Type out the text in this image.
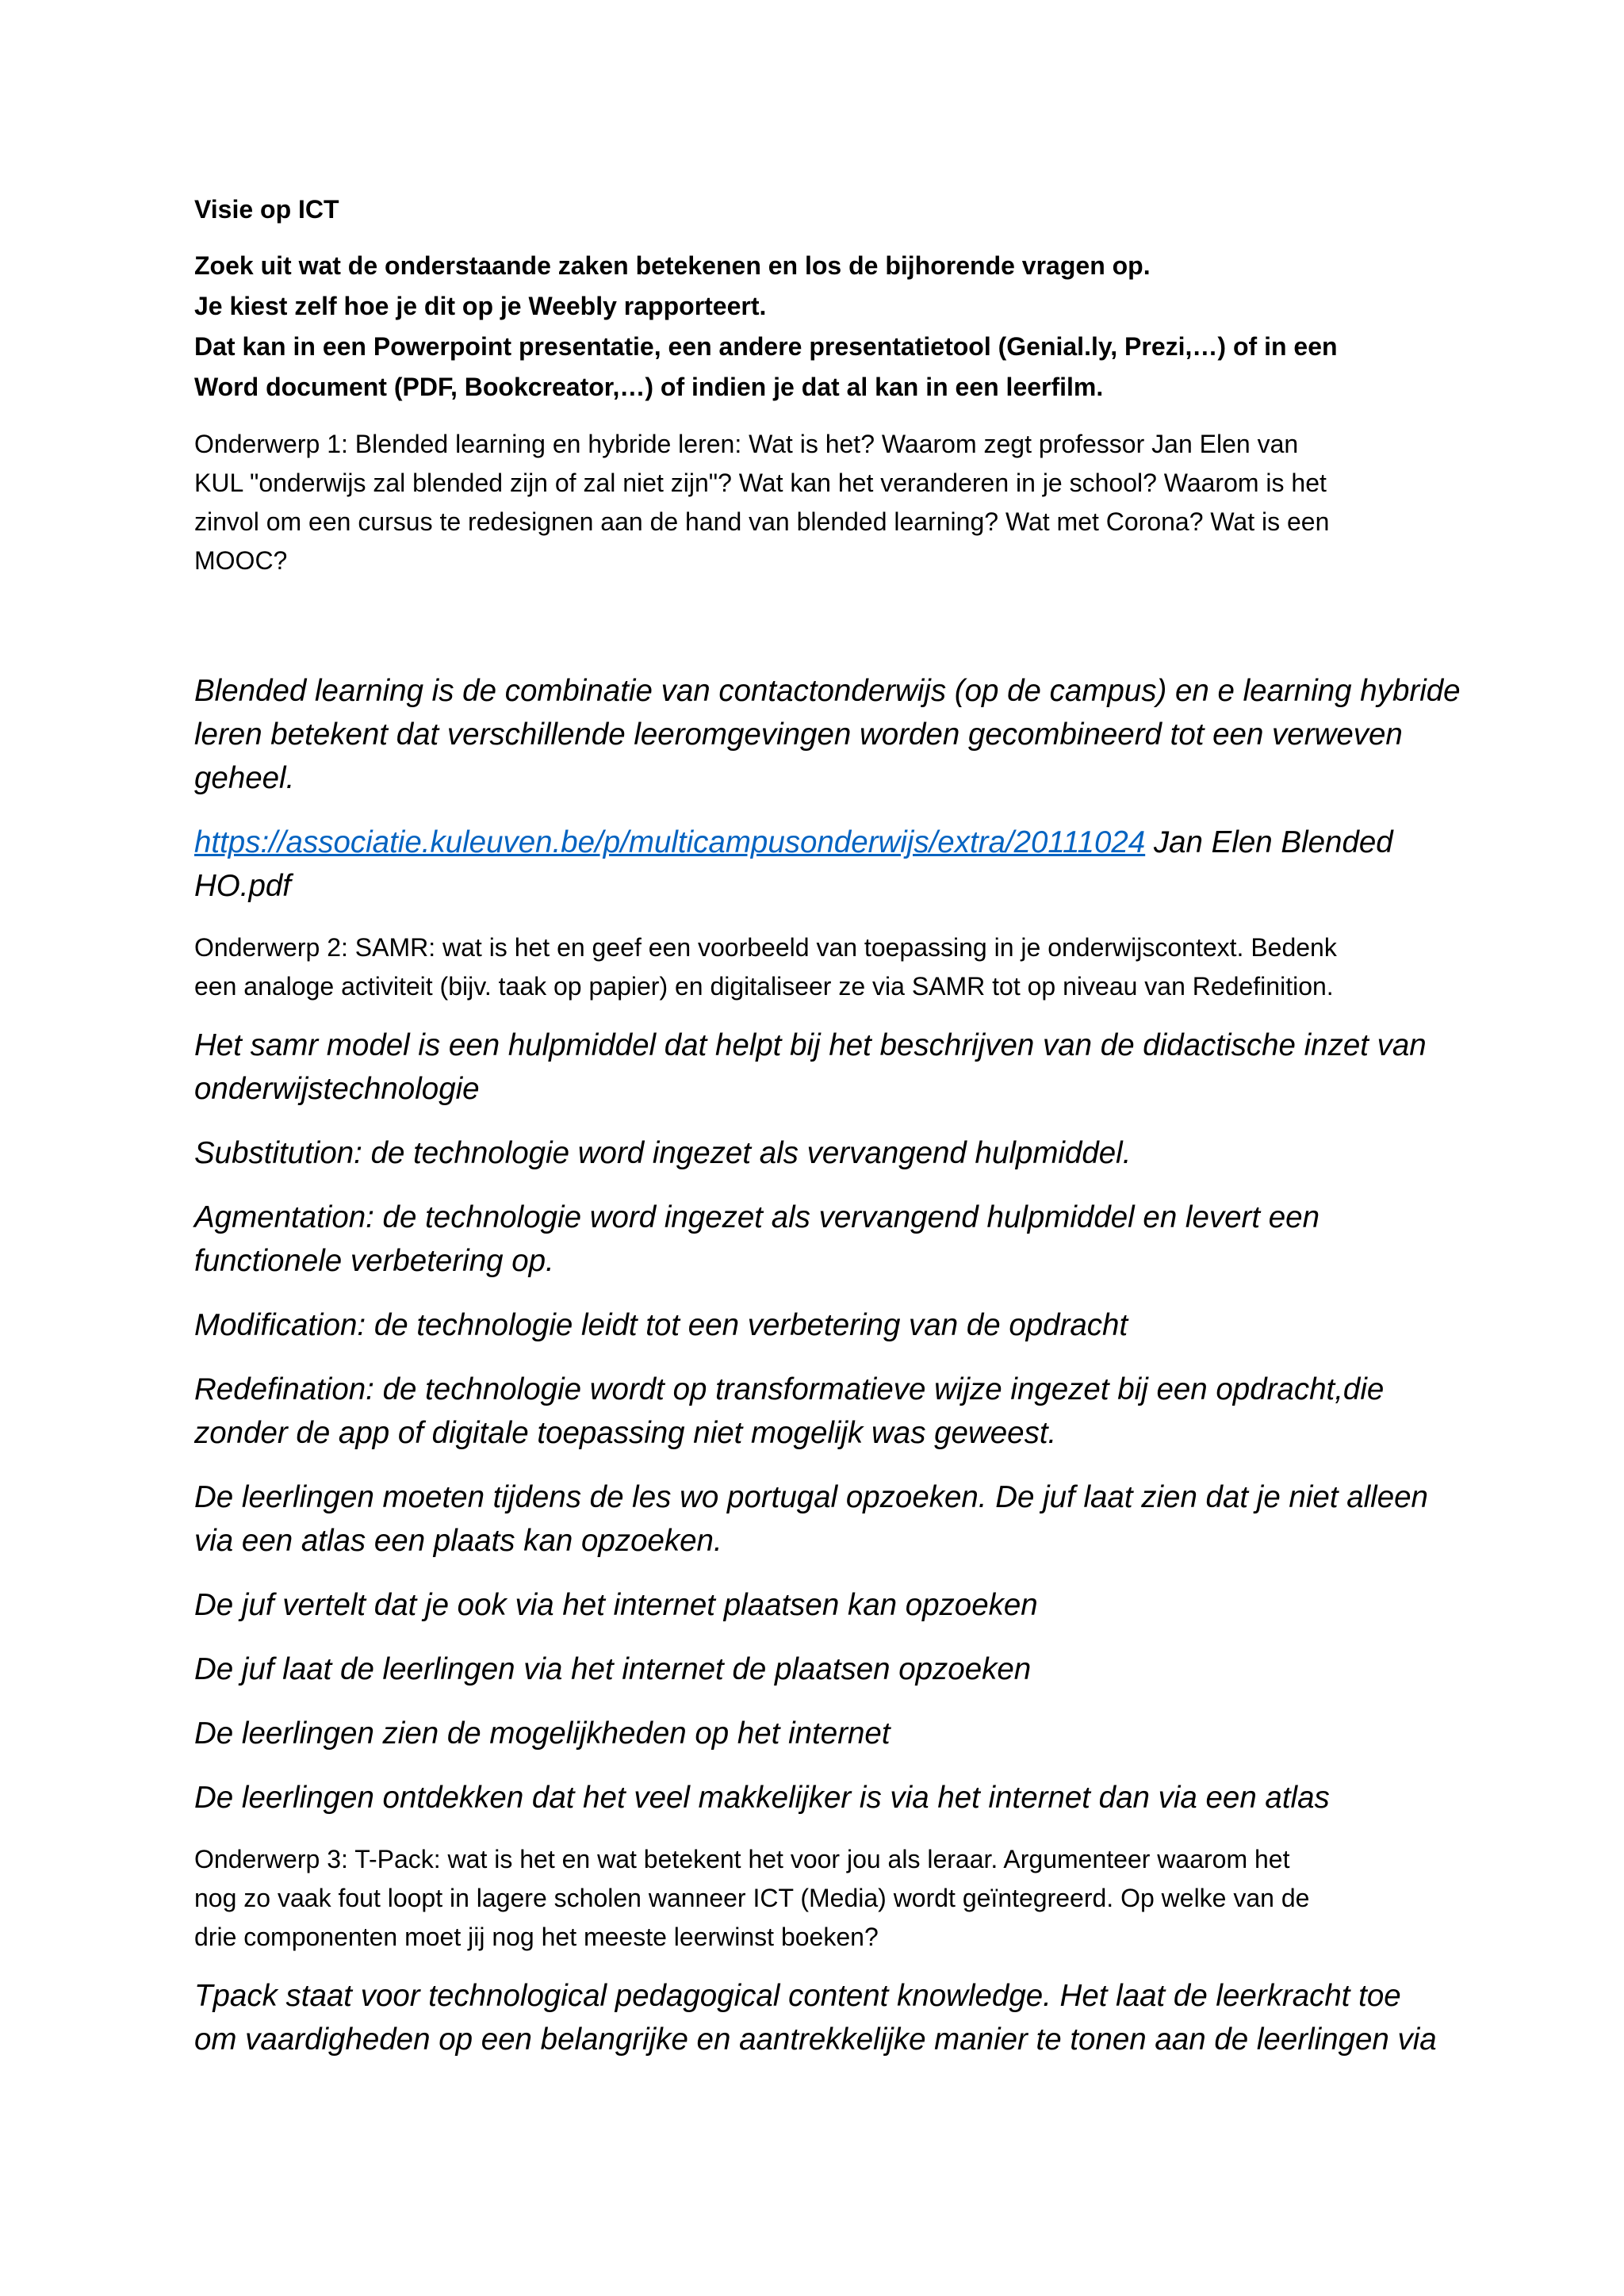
Visie op ICT
Zoek uit wat de onderstaande zaken betekenen en los de bijhorende vragen op.
Je kiest zelf hoe je dit op je Weebly rapporteert.
Dat kan in een Powerpoint presentatie, een andere presentatietool (Genial.ly, Prezi,…) of in een
Word document (PDF, Bookcreator,…) of indien je dat al kan in een leerfilm.
Onderwerp 1: Blended learning en hybride leren: Wat is het? Waarom zegt professor Jan Elen van
KUL "onderwijs zal blended zijn of zal niet zijn"? Wat kan het veranderen in je school? Waarom is het
zinvol om een cursus te redesignen aan de hand van blended learning? Wat met Corona? Wat is een
MOOC?
Blended learning is de combinatie van contactonderwijs (op de campus) en e learning hybride
leren betekent dat verschillende leeromgevingen worden gecombineerd tot een verweven
geheel.
https://associatie.kuleuven.be/p/multicampusonderwijs/extra/20111024 Jan Elen Blended
HO.pdf
Onderwerp 2: SAMR: wat is het en geef een voorbeeld van toepassing in je onderwijscontext. Bedenk
een analoge activiteit (bijv. taak op papier) en digitaliseer ze via SAMR tot op niveau van Redefinition.
Het samr model is een hulpmiddel dat helpt bij het beschrijven van de didactische inzet van
onderwijstechnologie
Substitution: de technologie word ingezet als vervangend hulpmiddel.
Agmentation: de technologie word ingezet als vervangend hulpmiddel en levert een
functionele verbetering op.
Modification: de technologie leidt tot een verbetering van de opdracht
Redefination: de technologie wordt op transformatieve wijze ingezet bij een opdracht,die
zonder de app of digitale toepassing niet mogelijk was geweest.
De leerlingen moeten tijdens de les wo portugal opzoeken. De juf laat zien dat je niet alleen
via een atlas een plaats kan opzoeken.
De juf vertelt dat je ook via het internet plaatsen kan opzoeken
De juf laat de leerlingen via het internet de plaatsen opzoeken
De leerlingen zien de mogelijkheden op het internet
De leerlingen ontdekken dat het veel makkelijker is via het internet dan via een atlas
Onderwerp 3: T-Pack: wat is het en wat betekent het voor jou als leraar. Argumenteer waarom het
nog zo vaak fout loopt in lagere scholen wanneer ICT (Media) wordt geïntegreerd. Op welke van de
drie componenten moet jij nog het meeste leerwinst boeken?
Tpack staat voor technological pedagogical content knowledge. Het laat de leerkracht toe
om vaardigheden op een belangrijke en aantrekkelijke manier te tonen aan de leerlingen via
